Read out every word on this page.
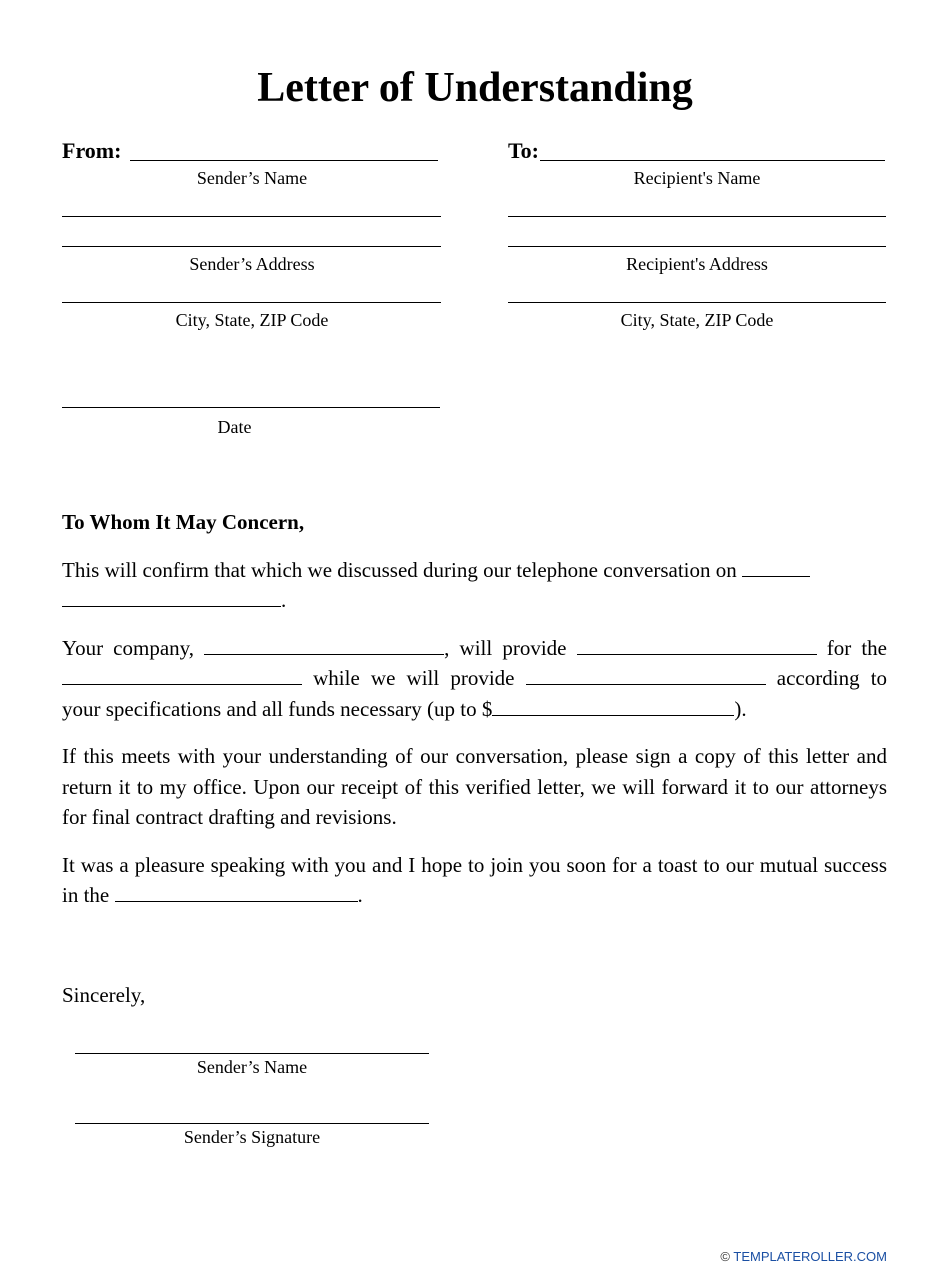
Letter of Understanding
From:
Sender’s Name
Sender’s Address
City, State, ZIP Code
Date
To:
Recipient's Name
Recipient's Address
City, State, ZIP Code

To Whom It May Concern,

This will confirm that which we discussed during our telephone conversation on
.

Your company,	, will provide	for the  while we will provide	according to your specifications and all funds necessary (up to $	).

If this meets with your understanding of our conversation, please sign a copy of this letter and return it to my office. Upon our receipt of this verified letter, we will forward it to our attorneys for final contract drafting and revisions.

It was a pleasure speaking with you and I hope to join you soon for a toast to our mutual success in the	.

Sincerely,
Sender’s Name
Sender’s Signature
© TEMPLATEROLLER.COM
